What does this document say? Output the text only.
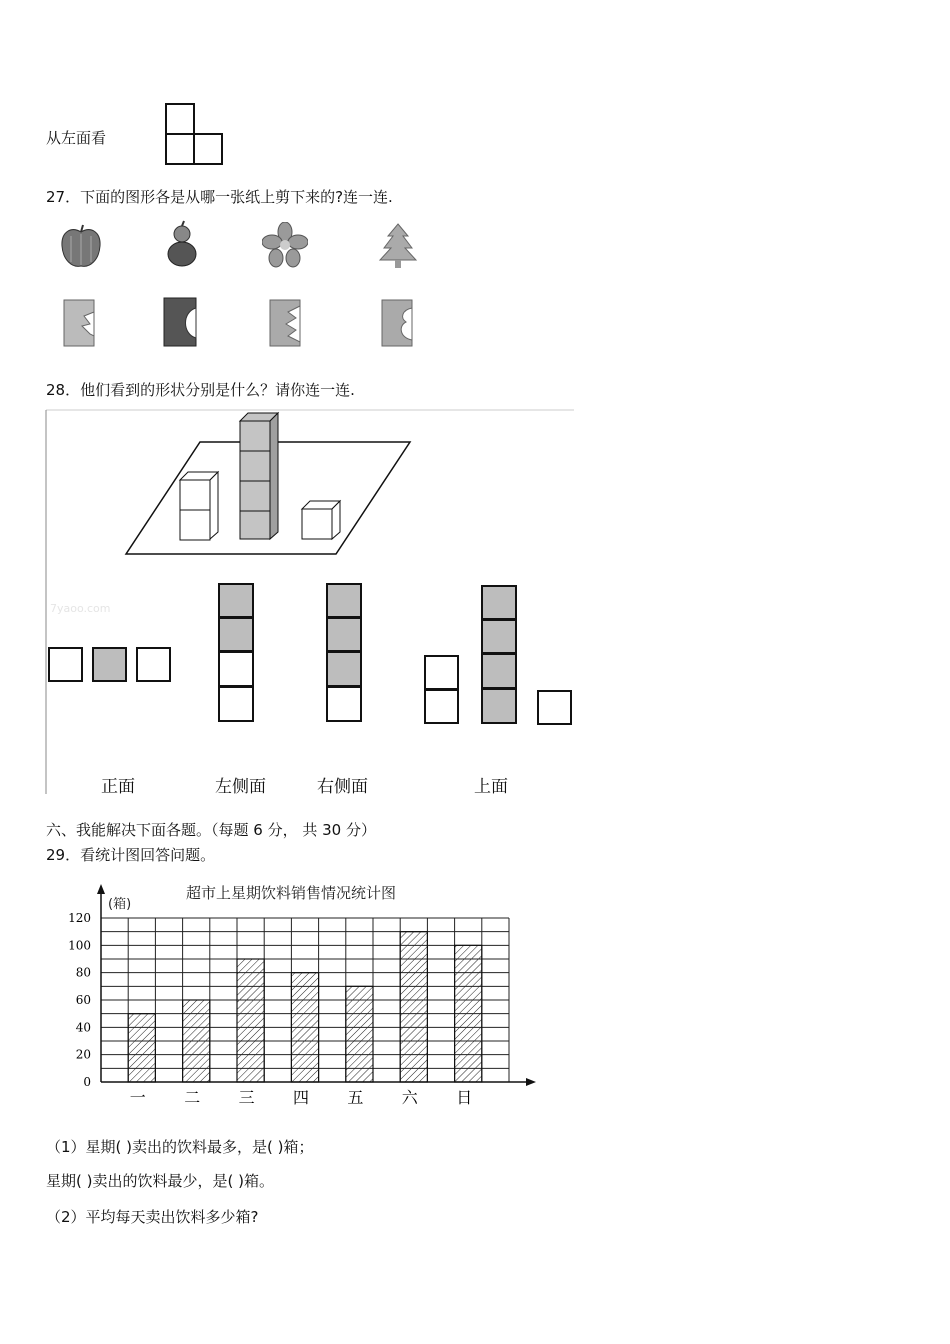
从左面看
27．下面的图形各是从哪一张纸上剪下来的?连一连.
28．他们看到的形状分别是什么？请你连一连.
7yaoo.com
正面	左侧面	右侧面	上面
六、我能解决下面各题。（每题 6 分， 共 30 分）
29．看统计图回答问题。
超市上星期饮料销售情况统计图
(箱)
0
20
40
60
80
100
120
一 二 三 四 五 六 日
（1）星期( )卖出的饮料最多，是( )箱；
星期( )卖出的饮料最少，是( )箱。
（2）平均每天卖出饮料多少箱?
